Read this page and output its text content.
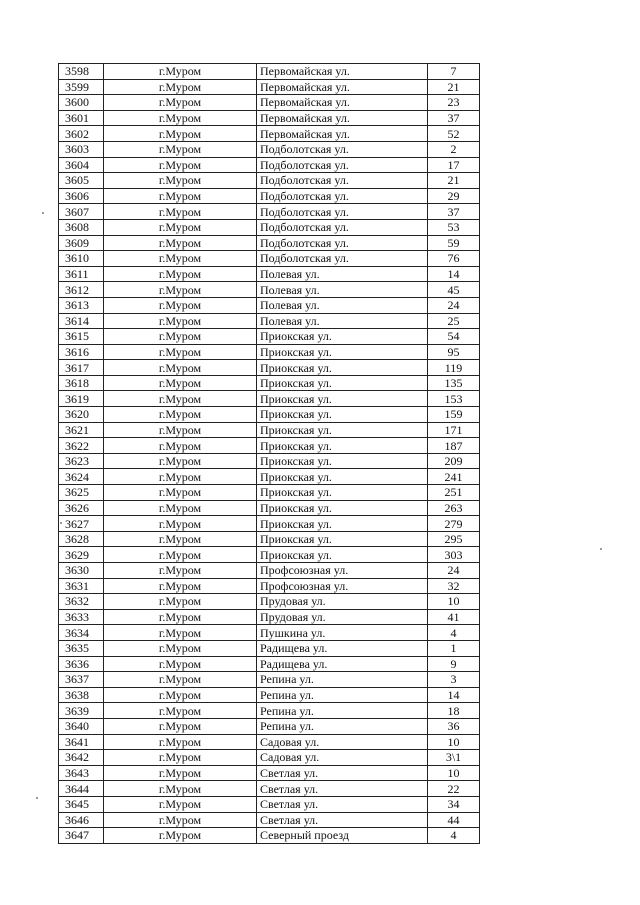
3598	г.Муром	Первомайская ул.	7
3599	г.Муром	Первомайская ул.	21
3600	г.Муром	Первомайская ул.	23
3601	г.Муром	Первомайская ул.	37
3602	г.Муром	Первомайская ул.	52
3603	г.Муром	Подболотская ул.	2
3604	г.Муром	Подболотская ул.	17
3605	г.Муром	Подболотская ул.	21
3606	г.Муром	Подболотская ул.	29
3607	г.Муром	Подболотская ул.	37
3608	г.Муром	Подболотская ул.	53
3609	г.Муром	Подболотская ул.	59
3610	г.Муром	Подболотская ул.	76
3611	г.Муром	Полевая ул.	14
3612	г.Муром	Полевая ул.	45
3613	г.Муром	Полевая ул.	24
3614	г.Муром	Полевая ул.	25
3615	г.Муром	Приокская ул.	54
3616	г.Муром	Приокская ул.	95
3617	г.Муром	Приокская ул.	119
3618	г.Муром	Приокская ул.	135
3619	г.Муром	Приокская ул.	153
3620	г.Муром	Приокская ул.	159
3621	г.Муром	Приокская ул.	171
3622	г.Муром	Приокская ул.	187
3623	г.Муром	Приокская ул.	209
3624	г.Муром	Приокская ул.	241
3625	г.Муром	Приокская ул.	251
3626	г.Муром	Приокская ул.	263
3627	г.Муром	Приокская ул.	279
3628	г.Муром	Приокская ул.	295
3629	г.Муром	Приокская ул.	303
3630	г.Муром	Профсоюзная ул.	24
3631	г.Муром	Профсоюзная ул.	32
3632	г.Муром	Прудовая ул.	10
3633	г.Муром	Прудовая ул.	41
3634	г.Муром	Пушкина ул.	4
3635	г.Муром	Радищева ул.	1
3636	г.Муром	Радищева ул.	9
3637	г.Муром	Репина ул.	3
3638	г.Муром	Репина ул.	14
3639	г.Муром	Репина ул.	18
3640	г.Муром	Репина ул.	36
3641	г.Муром	Садовая ул.	10
3642	г.Муром	Садовая ул.	3\1
3643	г.Муром	Светлая ул.	10
3644	г.Муром	Светлая ул.	22
3645	г.Муром	Светлая ул.	34
3646	г.Муром	Светлая ул.	44
3647	г.Муром	Северный проезд	4
